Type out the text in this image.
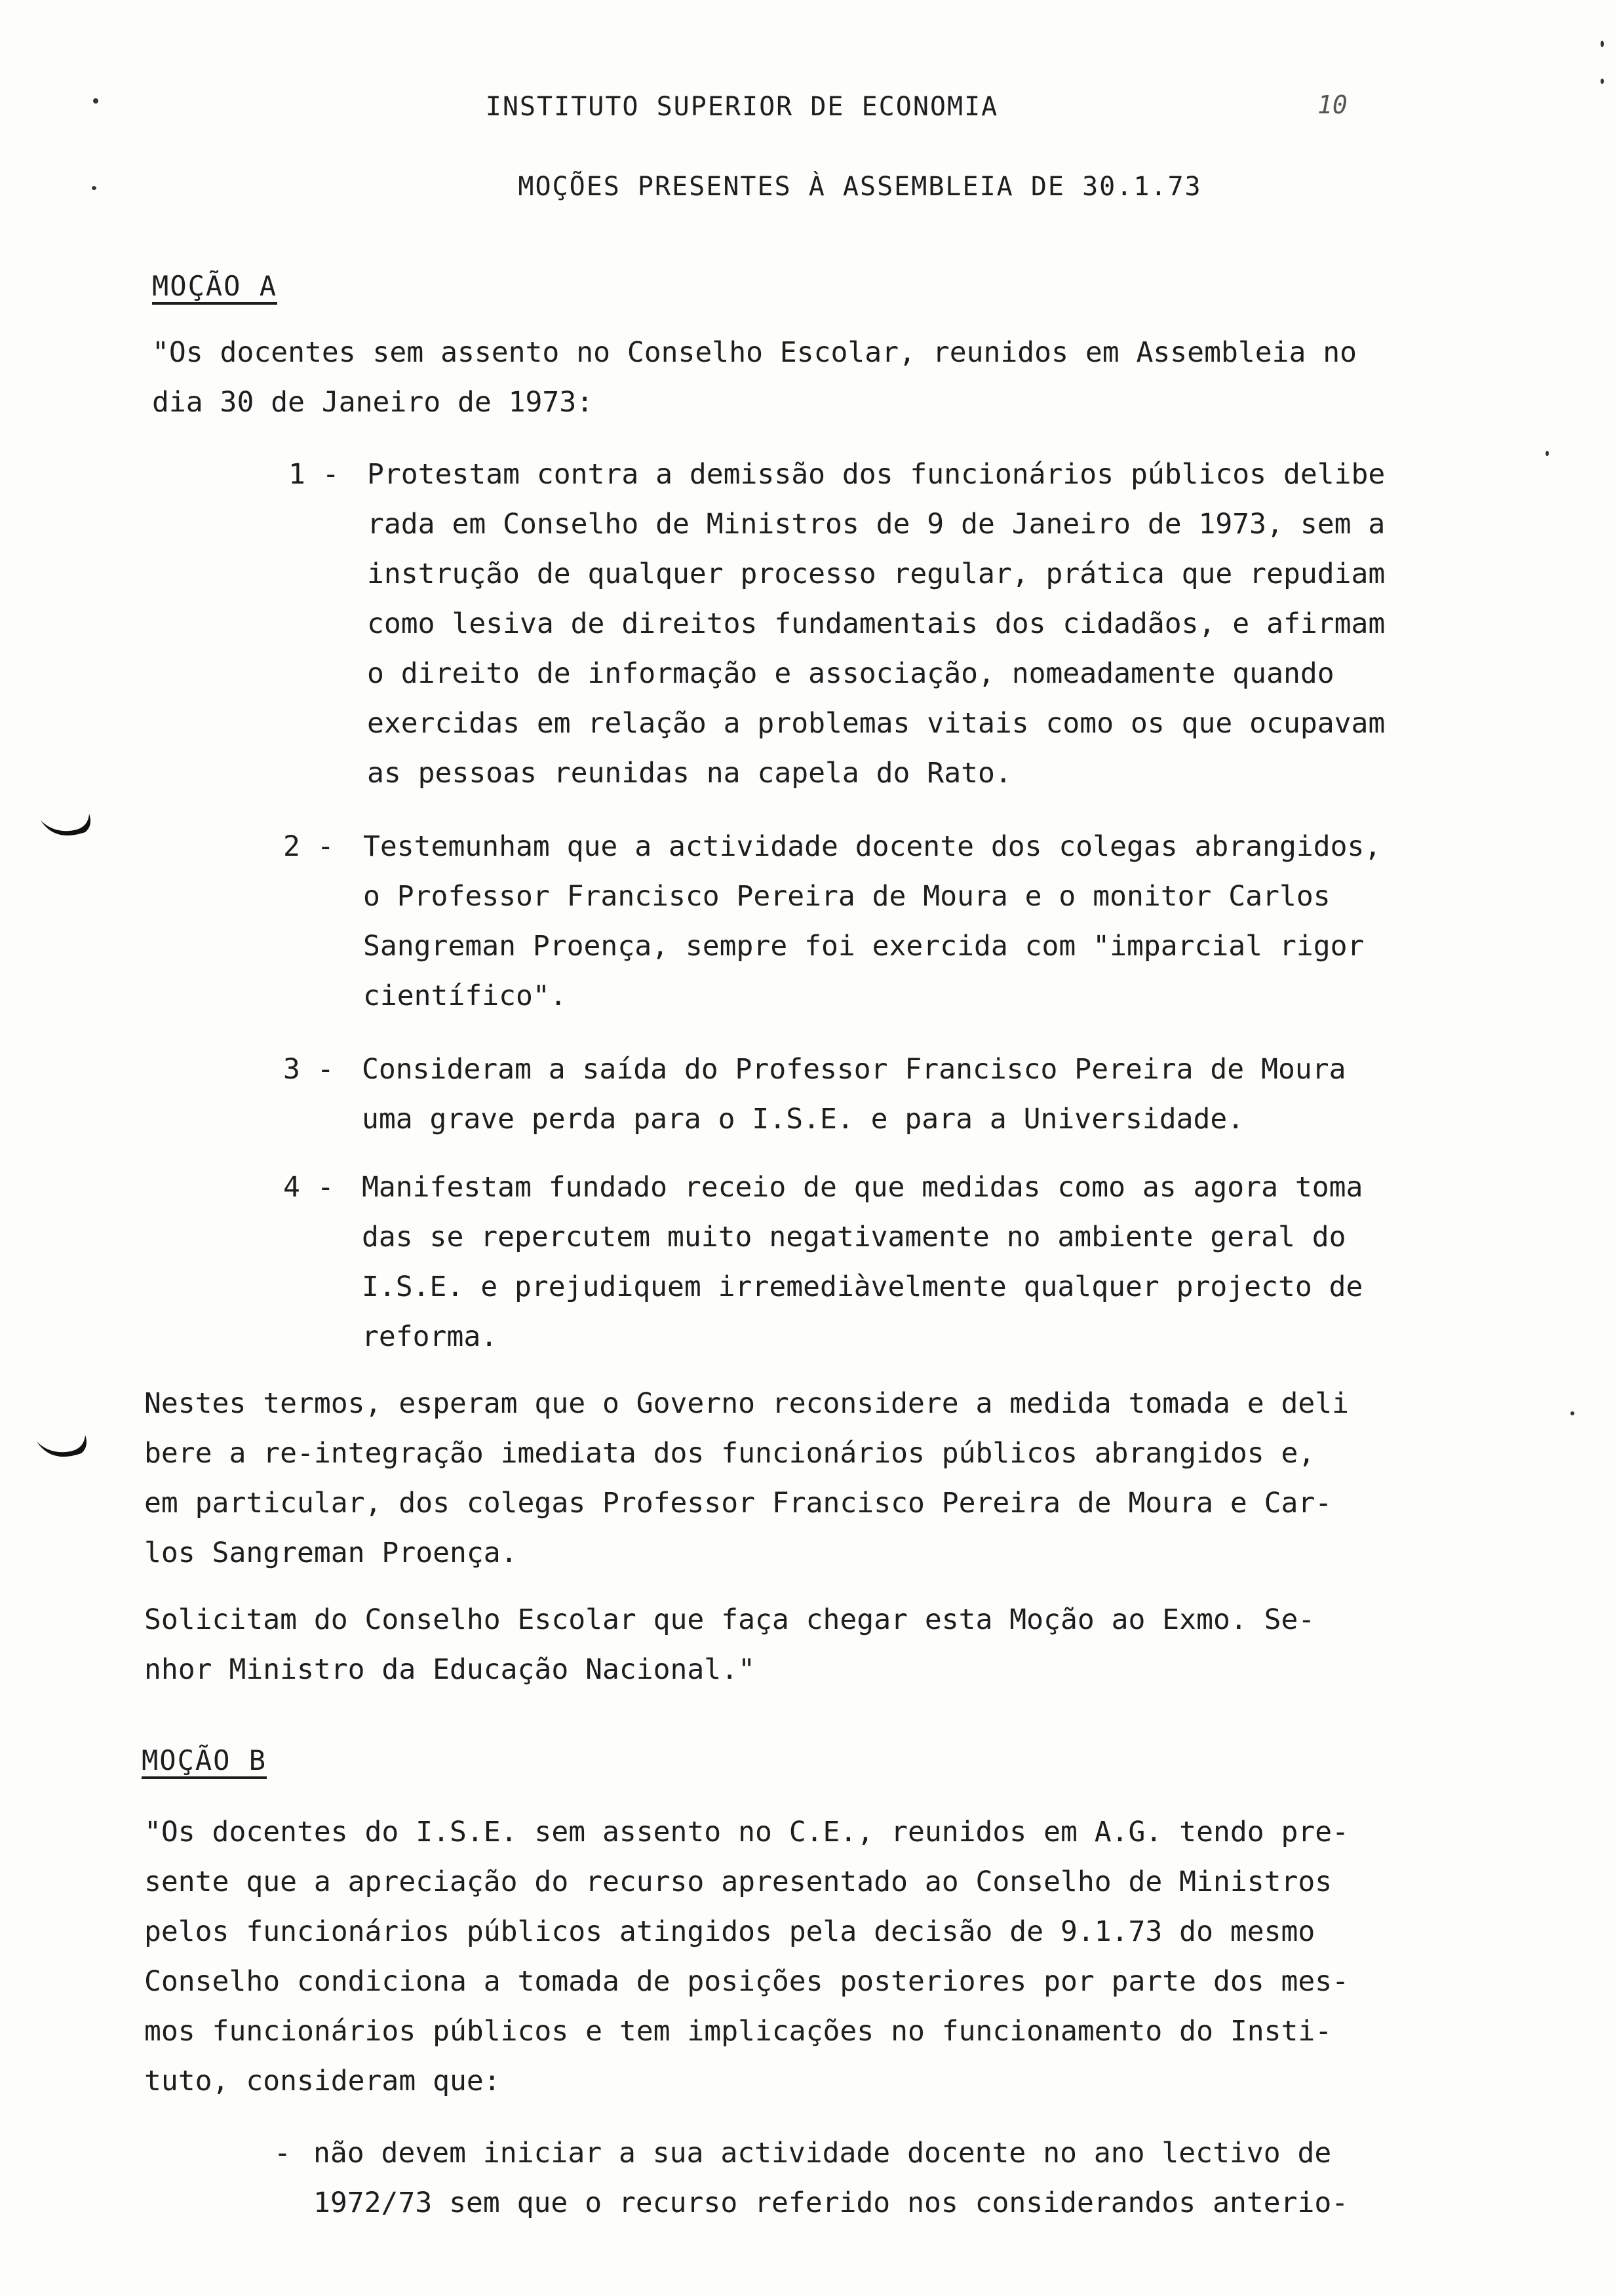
INSTITUTO SUPERIOR DE ECONOMIA	10
MOÇÕES PRESENTES À ASSEMBLEIA DE 30.1.73
MOÇÃO A
"Os docentes sem assento no Conselho Escolar, reunidos em Assembleia no
dia 30 de Janeiro de 1973:
1 - Protestam contra a demissão dos funcionários públicos delibe
rada em Conselho de Ministros de 9 de Janeiro de 1973, sem a
instrução de qualquer processo regular, prática que repudiam
como lesiva de direitos fundamentais dos cidadãos, e afirmam
o direito de informação e associação, nomeadamente quando
exercidas em relação a problemas vitais como os que ocupavam
as pessoas reunidas na capela do Rato.
2 - Testemunham que a actividade docente dos colegas abrangidos,
o Professor Francisco Pereira de Moura e o monitor Carlos
Sangreman Proença, sempre foi exercida com "imparcial rigor
científico".
3 - Consideram a saída do Professor Francisco Pereira de Moura
uma grave perda para o I.S.E. e para a Universidade.
4 - Manifestam fundado receio de que medidas como as agora toma
das se repercutem muito negativamente no ambiente geral do
I.S.E. e prejudiquem irremediàvelmente qualquer projecto de
reforma.
Nestes termos, esperam que o Governo reconsidere a medida tomada e deli
bere a re-integração imediata dos funcionários públicos abrangidos e,
em particular, dos colegas Professor Francisco Pereira de Moura e Car-
los Sangreman Proença.
Solicitam do Conselho Escolar que faça chegar esta Moção ao Exmo. Se-
nhor Ministro da Educação Nacional."
MOÇÃO B
"Os docentes do I.S.E. sem assento no C.E., reunidos em A.G. tendo pre-
sente que a apreciação do recurso apresentado ao Conselho de Ministros
pelos funcionários públicos atingidos pela decisão de 9.1.73 do mesmo
Conselho condiciona a tomada de posições posteriores por parte dos mes-
mos funcionários públicos e tem implicações no funcionamento do Insti-
tuto, consideram que:
- não devem iniciar a sua actividade docente no ano lectivo de
1972/73 sem que o recurso referido nos considerandos anterio-
